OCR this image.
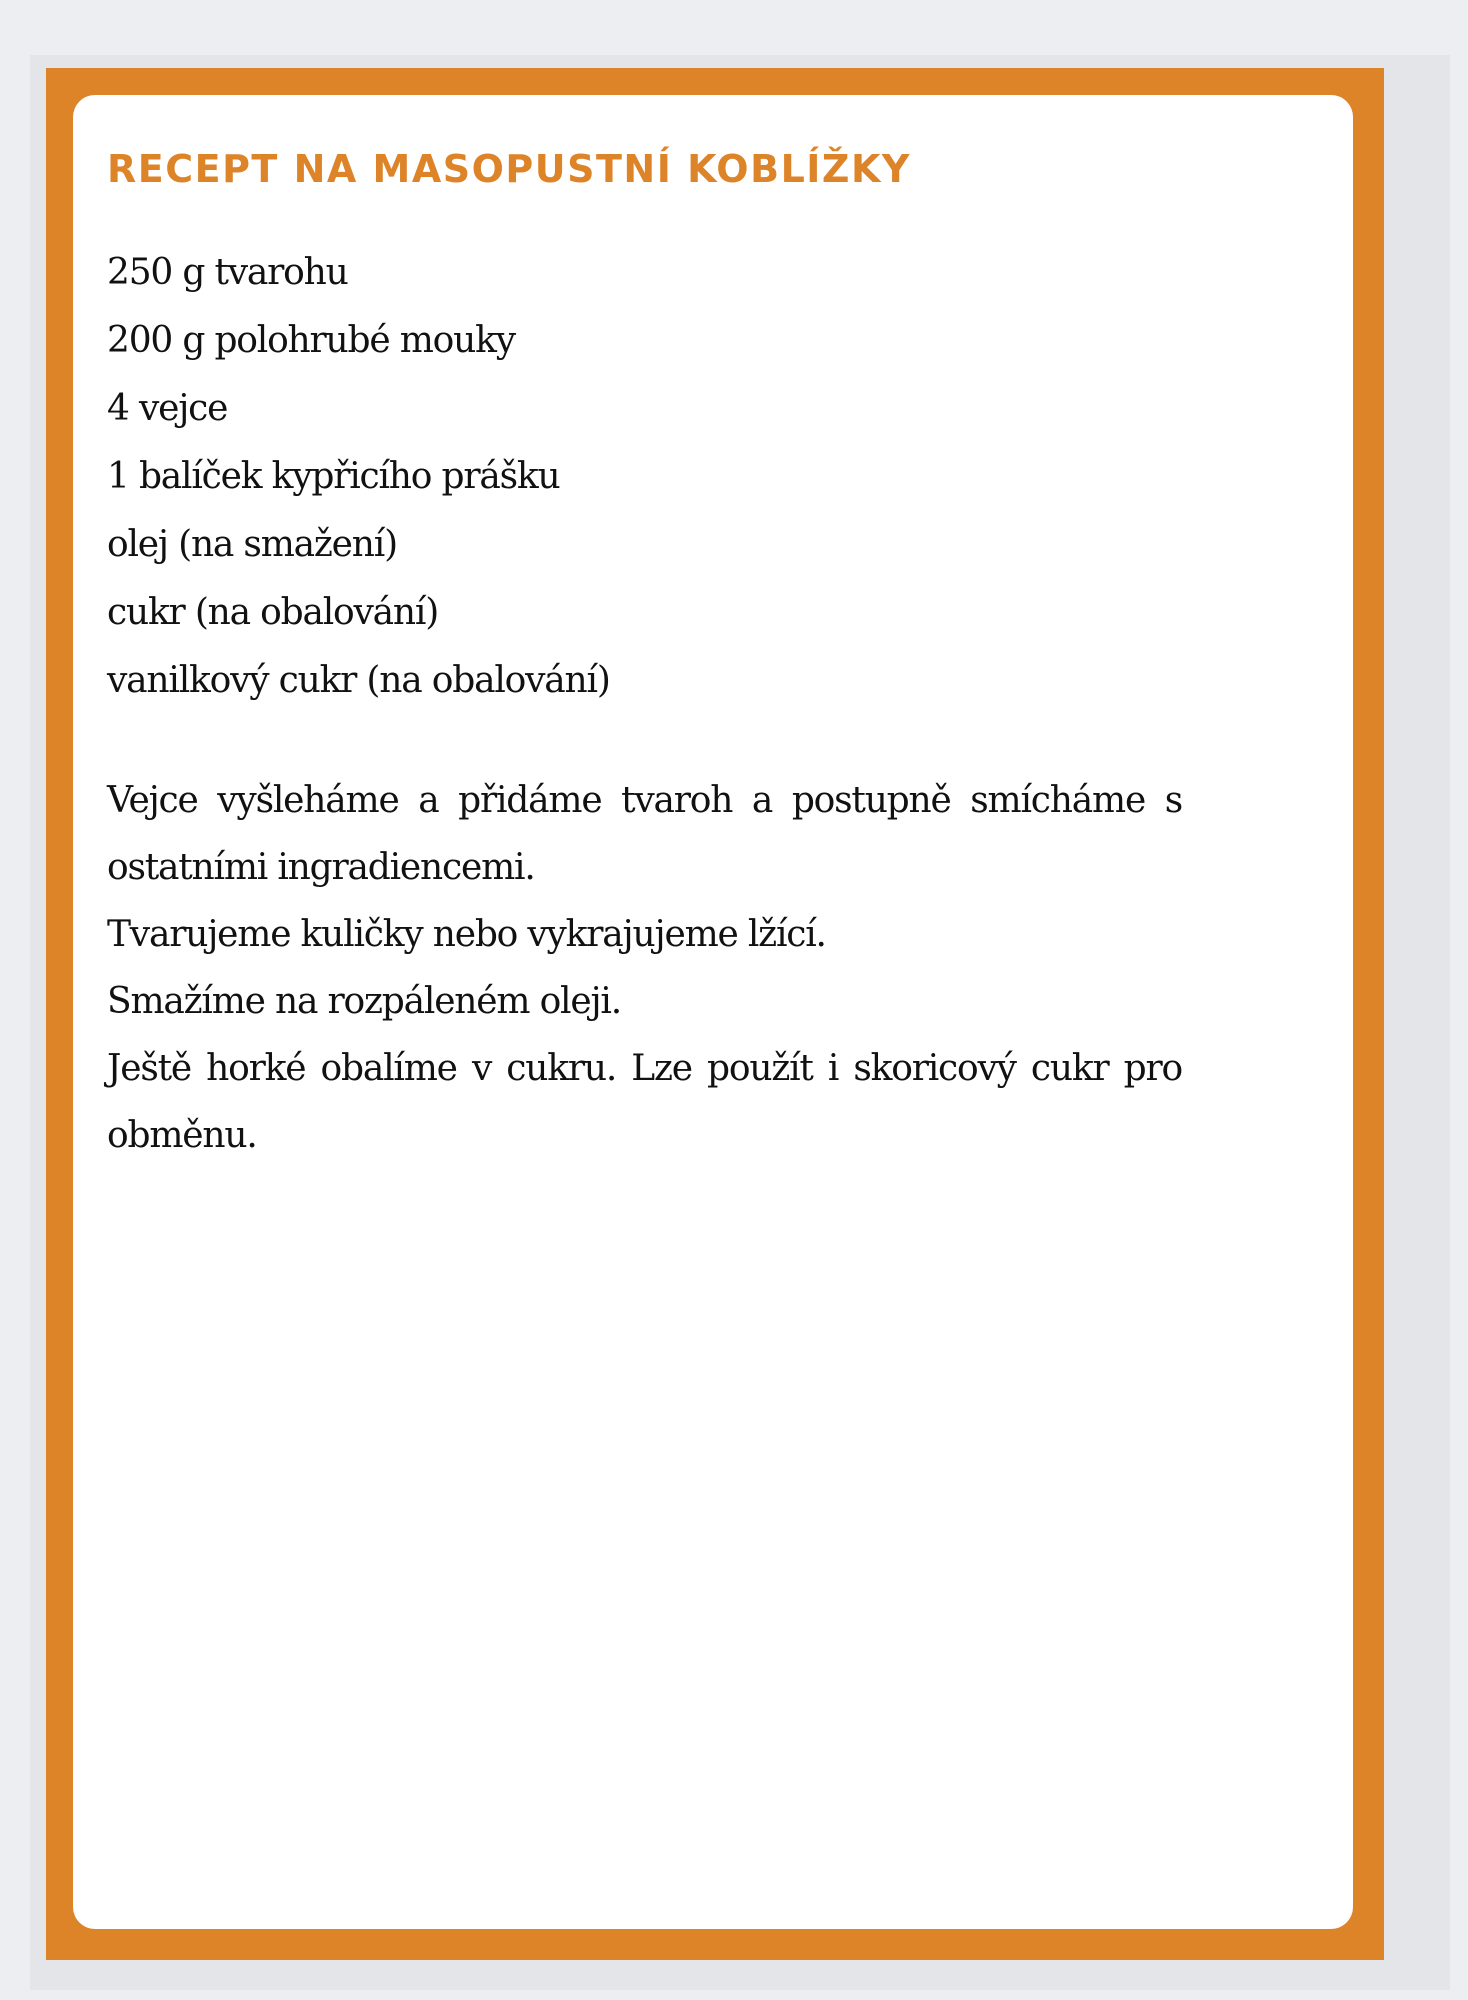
RECEPT NA MASOPUSTNÍ KOBLÍŽKY
250 g tvarohu
200 g polohrubé mouky
4 vejce
1 balíček kypřicího prášku
olej (na smažení)
cukr (na obalování)
vanilkový cukr (na obalování)

Vejce vyšleháme a přidáme tvaroh a postupně smícháme s ostatními ingradiencemi.

Tvarujeme kuličky nebo vykrajujeme lžící.

Smažíme na rozpáleném oleji.

Ještě horké obalíme v cukru. Lze použít i skoricový cukr pro obměnu.
